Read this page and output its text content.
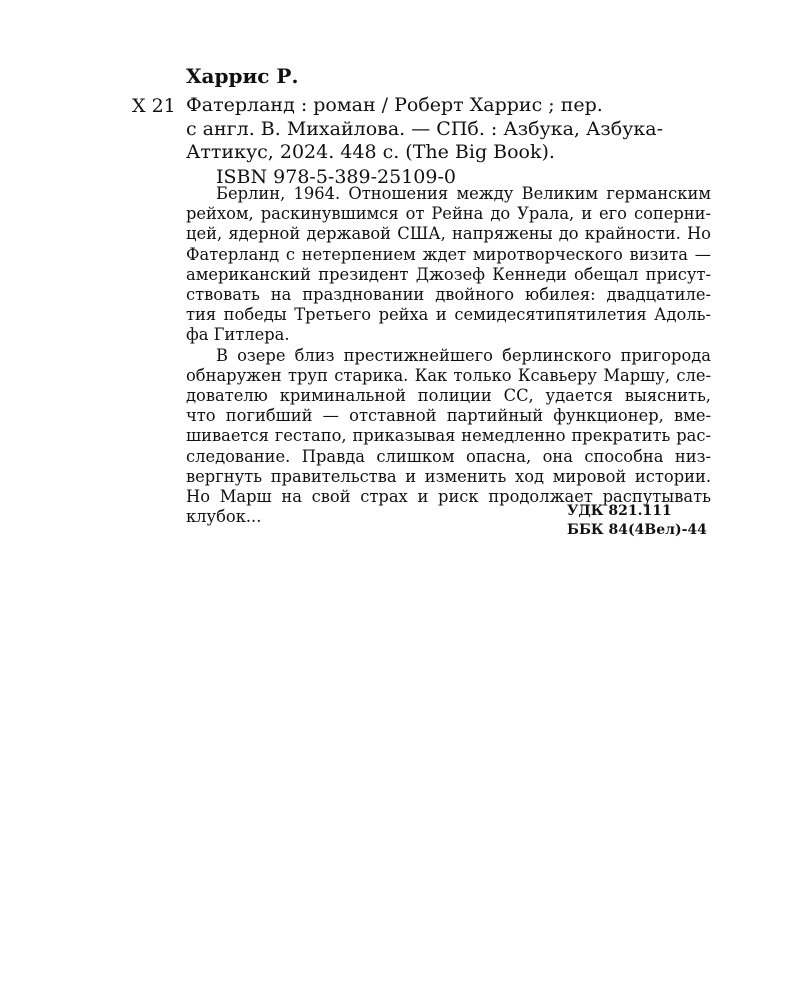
Харрис Р.

Х 21 Фатерланд : роман / Роберт Харрис ; пер.
с англ. В. Михайлова. — СПб. : Азбука, Азбука-
Аттикус, 2024. 448 с. (The Big Book).

ISBN 978-5-389-25109-0

Берлин, 1964. Отношения между Великим германским
рейхом, раскинувшимся от Рейна до Урала, и его соперни-
цей, ядерной державой США, напряжены до крайности. Но
Фатерланд с нетерпением ждет миротворческого визита —
американский президент Джозеф Кеннеди обещал присут-
ствовать на праздновании двойного юбилея: двадцатиле-
тия победы Третьего рейха и семидесятипятилетия Адоль-
фа Гитлера.
В озере близ престижнейшего берлинского пригорода
обнаружен труп старика. Как только Ксавьеру Маршу, сле-
дователю криминальной полиции СС, удается выяснить,
что погибший — отставной партийный функционер, вме-
шивается гестапо, приказывая немедленно прекратить рас-
следование. Правда слишком опасна, она способна низ-
вергнуть правительства и изменить ход мировой истории.
Но Марш на свой страх и риск продолжает распутывать
клубок...	УДК 821.111

ББК 84(4Вел)-44
